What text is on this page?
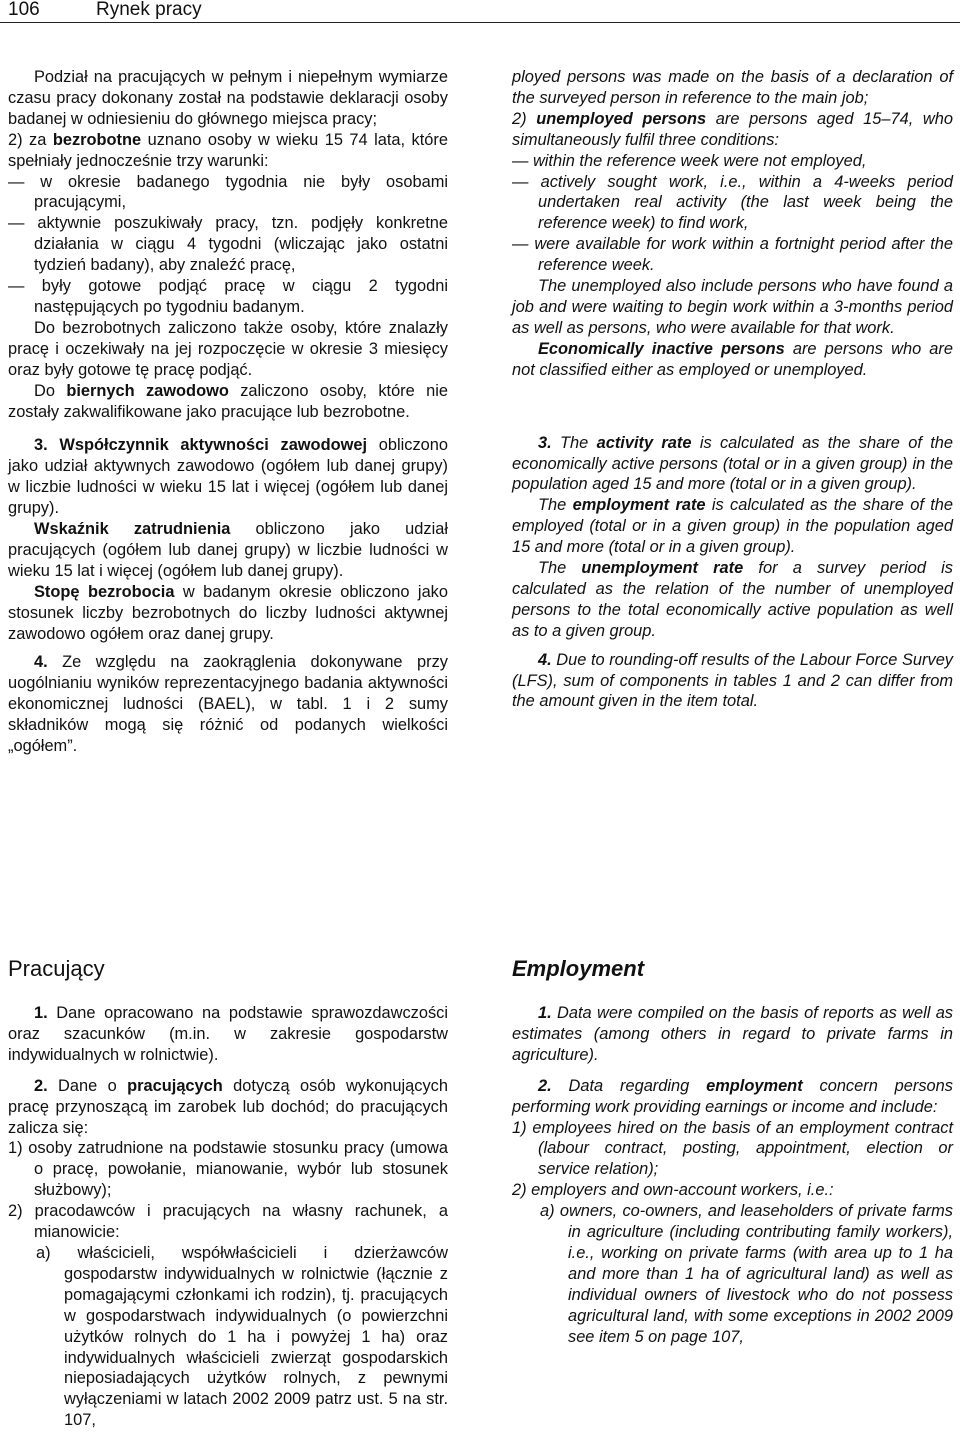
106	Rynek pracy

Podział na pracujących w pełnym i niepełnym wymiarze czasu pracy dokonany został na podstawie deklaracji osoby badanej w odniesieniu do głównego miejsca pracy;

2) za bezrobotne uznano osoby w wieku 15 74 lata, które spełniały jednocześnie trzy warunki:

— w okresie badanego tygodnia nie były osobami pracującymi,

— aktywnie poszukiwały pracy, tzn. podjęły konkretne działania w ciągu 4 tygodni (wliczając jako ostatni tydzień badany), aby znaleźć pracę,

— były gotowe podjąć pracę w ciągu 2 tygodni następujących po tygodniu badanym.

Do bezrobotnych zaliczono także osoby, które znalazły pracę i oczekiwały na jej rozpoczęcie w okresie 3 miesięcy oraz były gotowe tę pracę podjąć.

Do biernych zawodowo zaliczono osoby, które nie zostały zakwalifikowane jako pracujące lub bezrobotne.

3. Współczynnik aktywności zawodowej obliczono jako udział aktywnych zawodowo (ogółem lub danej grupy) w liczbie ludności w wieku 15 lat i więcej (ogółem lub danej grupy).

Wskaźnik zatrudnienia obliczono jako udział pracujących (ogółem lub danej grupy) w liczbie ludności w wieku 15 lat i więcej (ogółem lub danej grupy).

Stopę bezrobocia w badanym okresie obliczono jako stosunek liczby bezrobotnych do liczby ludności aktywnej zawodowo ogółem oraz danej grupy.

4. Ze względu na zaokrąglenia dokonywane przy uogólnianiu wyników reprezentacyjnego badania aktywności ekonomicznej ludności (BAEL), w tabl. 1 i 2 sumy składników mogą się różnić od podanych wielkości „ogółem”.

ployed persons was made on the basis of a declaration of the surveyed person in reference to the main job;

2) unemployed persons are persons aged 15–74, who simultaneously fulfil three conditions:

— within the reference week were not employed,

— actively sought work, i.e., within a 4-weeks period undertaken real activity (the last week being the reference week) to find work,

— were available for work within a fortnight period after the reference week.

The unemployed also include persons who have found a job and were waiting to begin work within a 3-months period as well as persons, who were available for that work.

Economically inactive persons are persons who are not classified either as employed or unemployed.

3. The activity rate is calculated as the share of the economically active persons (total or in a given group) in the population aged 15 and more (total or in a given group).

The employment rate is calculated as the share of the employed (total or in a given group) in the population aged 15 and more (total or in a given group).

The unemployment rate for a survey period is calculated as the relation of the number of unemployed persons to the total economically active population as well as to a given group.

4. Due to rounding-off results of the Labour Force Survey (LFS), sum of components in tables 1 and 2 can differ from the amount given in the item total.

Pracujący	Employment

1. Dane opracowano na podstawie sprawozdawczości oraz szacunków (m.in. w zakresie gospodarstw indywidualnych w rolnictwie).

2. Dane o pracujących dotyczą osób wykonujących pracę przynoszącą im zarobek lub dochód; do pracujących zalicza się:

1) osoby zatrudnione na podstawie stosunku pracy (umowa o pracę, powołanie, mianowanie, wybór lub stosunek służbowy);

2) pracodawców i pracujących na własny rachunek, a mianowicie:

a) właścicieli, współwłaścicieli i dzierżawców gospodarstw indywidualnych w rolnictwie (łącznie z pomagającymi członkami ich rodzin), tj. pracujących w gospodarstwach indywidualnych (o powierzchni użytków rolnych do 1 ha i powyżej 1 ha) oraz indywidualnych właścicieli zwierząt gospodarskich nieposiadających użytków rolnych, z pewnymi wyłączeniami w latach 2002 2009 patrz ust. 5 na str. 107,

1. Data were compiled on the basis of reports as well as estimates (among others in regard to private farms in agriculture).

2. Data regarding employment concern persons performing work providing earnings or income and include:

1) employees hired on the basis of an employment contract (labour contract, posting, appointment, election or service relation);

2) employers and own-account workers, i.e.:

a) owners, co-owners, and leaseholders of private farms in agriculture (including contributing family workers), i.e., working on private farms (with area up to 1 ha and more than 1 ha of agricultural land) as well as individual owners of livestock who do not possess agricultural land, with some exceptions in 2002 2009 see item 5 on page 107,
